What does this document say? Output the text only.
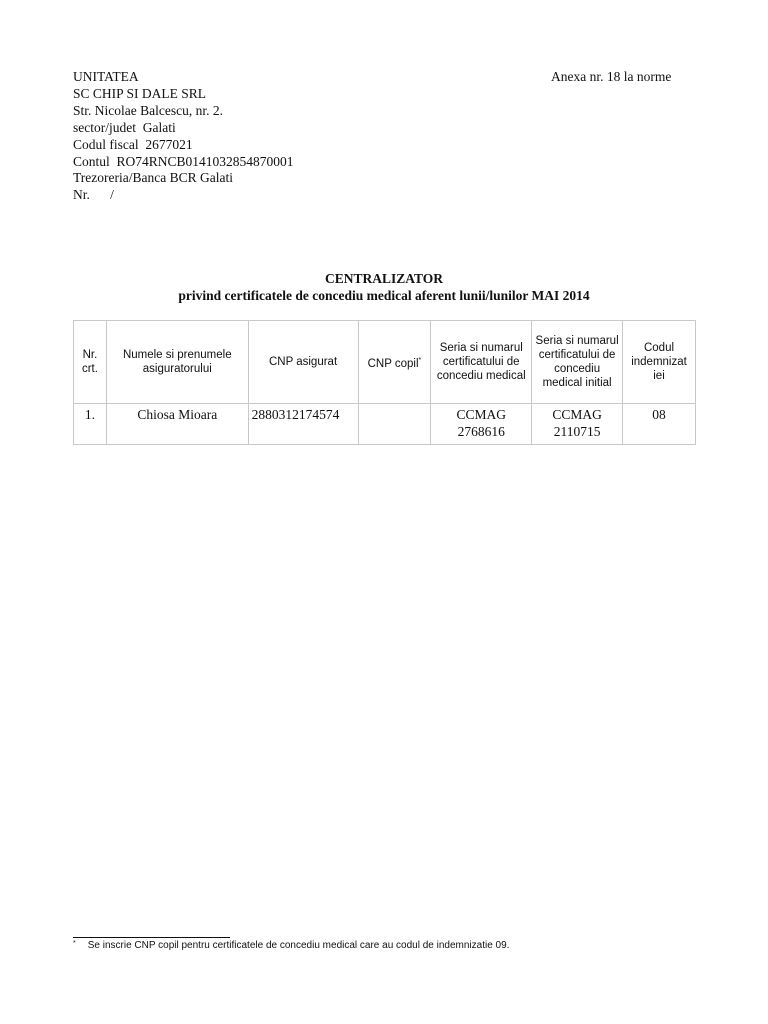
UNITATEA
SC CHIP SI DALE SRL
Str. Nicolae Balcescu, nr. 2.
sector/judet  Galati
Codul fiscal  2677021
Contul  RO74RNCB0141032854870001
Trezoreria/Banca BCR Galati
Nr.      /
Anexa nr. 18 la norme
CENTRALIZATOR
privind certificatele de concediu medical aferent lunii/lunilor MAI 2014
Nr. crt.	Numele si prenumele asiguratorului	CNP asigurat	CNP copil*	Seria si numarul certificatului de concediu medical	Seria si numarul certificatului de concediu medical initial	Codul indemnizat iei
1.	Chiosa Mioara	2880312174574		CCMAG 2768616	CCMAG 2110715	08
* Se inscrie CNP copil pentru certificatele de concediu medical care au codul de indemnizatie 09.
